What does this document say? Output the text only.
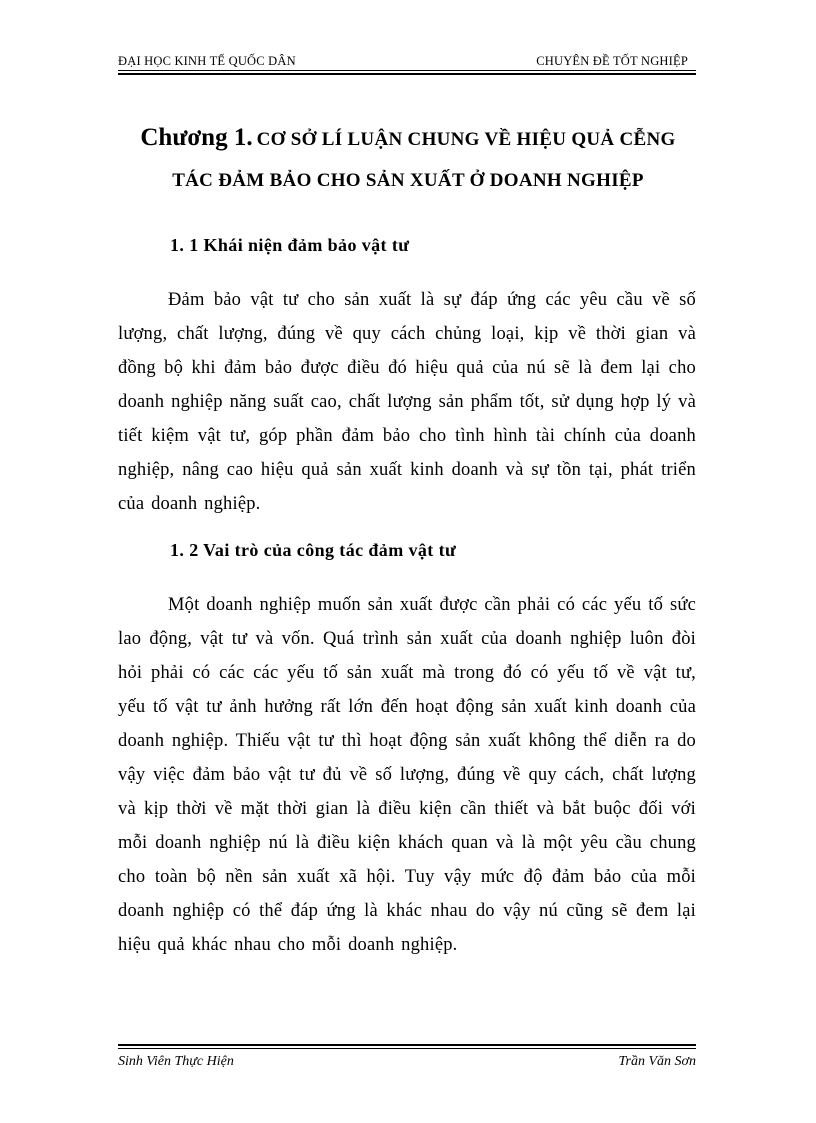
ĐẠI HỌC KINH TẾ QUỐC DÂN	CHUYÊN ĐỀ TỐT NGHIỆP
Chương 1. CƠ SỞ LÍ LUẬN CHUNG VỀ HIỆU QUẢ CỄNG
TÁC ĐẢM BẢO CHO SẢN XUẤT Ở DOANH NGHIỆP
1. 1 Khái niện đảm bảo vật tư
Đảm bảo vật tư cho sản xuất là sự đáp ứng các yêu cầu về số lượng, chất lượng, đúng về quy cách chủng loại, kịp về thời gian và đồng bộ khi đảm bảo được điều đó hiệu quả của nú sẽ là đem lại cho doanh nghiệp năng suất cao, chất lượng sản phẩm tốt, sử dụng hợp lý và tiết kiệm vật tư, góp phần đảm bảo cho tình hình tài chính của doanh nghiệp, nâng cao hiệu quả sản xuất kinh doanh và sự tồn tại, phát triển của doanh nghiệp.
1. 2 Vai trò của công tác đảm vật tư
Một doanh nghiệp muốn sản xuất được cần phải có các yếu tố sức lao động, vật tư và vốn. Quá trình sản xuất của doanh nghiệp luôn đòi hỏi phải có các các yếu tố sản xuất mà trong đó có yếu tố về vật tư, yếu tố vật tư ảnh hưởng rất lớn đến hoạt động sản xuất kinh doanh của doanh nghiệp. Thiếu vật tư thì hoạt động sản xuất không thể diễn ra do vậy việc đảm bảo vật tư đủ về số lượng, đúng về quy cách, chất lượng và kịp thời về mặt thời gian là điều kiện cần thiết và bắt buộc đối với mỗi doanh nghiệp nú là điều kiện khách quan và là một yêu cầu chung cho toàn bộ nền sản xuất xã hội. Tuy vậy mức độ đảm bảo của mỗi doanh nghiệp có thể đáp ứng là khác nhau do vậy nú cũng sẽ đem lại hiệu quả khác nhau cho mỗi doanh nghiệp.
Sinh Viên Thực Hiện	Trần Văn Sơn
